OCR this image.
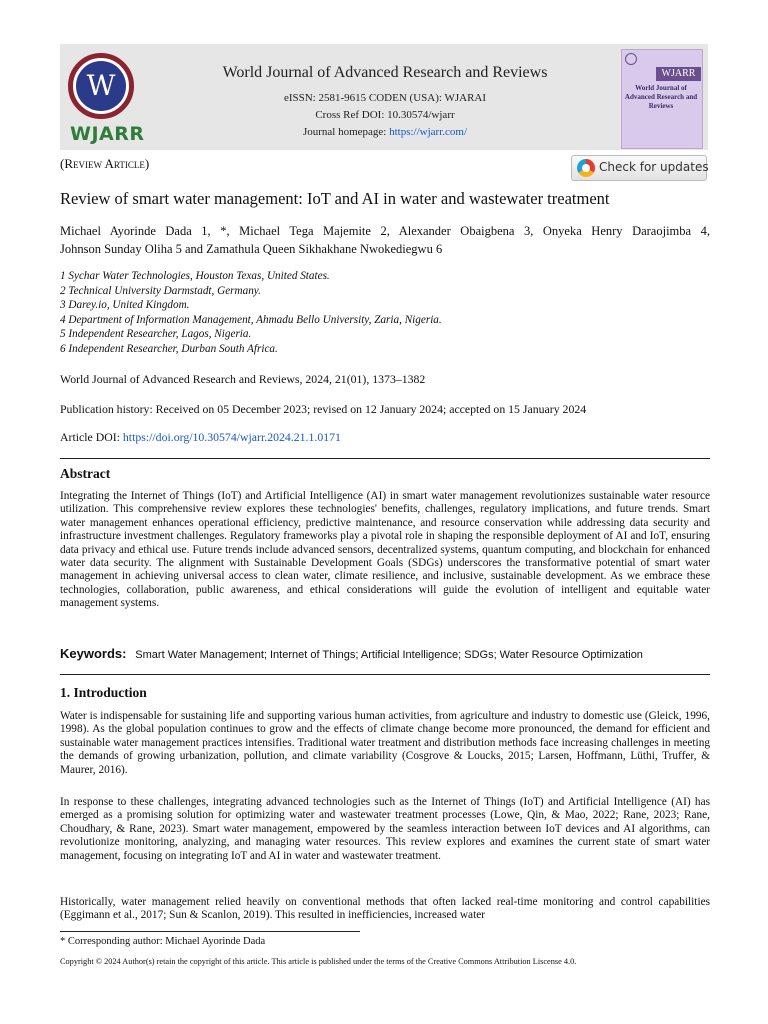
W
WJARR
World Journal of Advanced Research and Reviews
eISSN: 2581-9615 CODEN (USA): WJARAI
Cross Ref DOI: 10.30574/wjarr
Journal homepage: https://wjarr.com/
WJARR
World Journal of Advanced Research and Reviews
(Review Article)	Check for updates
Review of smart water management: IoT and AI in water and wastewater treatment
Michael Ayorinde Dada 1, *, Michael Tega Majemite 2, Alexander Obaigbena 3, Onyeka Henry Daraojimba 4,
Johnson Sunday Oliha 5 and Zamathula Queen Sikhakhane Nwokediegwu 6
1 Sychar Water Technologies, Houston Texas, United States.
2 Technical University Darmstadt, Germany.
3 Darey.io, United Kingdom.
4 Department of Information Management, Ahmadu Bello University, Zaria, Nigeria.
5 Independent Researcher, Lagos, Nigeria.
6 Independent Researcher, Durban South Africa.
World Journal of Advanced Research and Reviews, 2024, 21(01), 1373–1382
Publication history: Received on 05 December 2023; revised on 12 January 2024; accepted on 15 January 2024
Article DOI: https://doi.org/10.30574/wjarr.2024.21.1.0171
Abstract
Integrating the Internet of Things (IoT) and Artificial Intelligence (AI) in smart water management revolutionizes sustainable water resource utilization. This comprehensive review explores these technologies' benefits, challenges, regulatory implications, and future trends. Smart water management enhances operational efficiency, predictive maintenance, and resource conservation while addressing data security and infrastructure investment challenges. Regulatory frameworks play a pivotal role in shaping the responsible deployment of AI and IoT, ensuring data privacy and ethical use. Future trends include advanced sensors, decentralized systems, quantum computing, and blockchain for enhanced water data security. The alignment with Sustainable Development Goals (SDGs) underscores the transformative potential of smart water management in achieving universal access to clean water, climate resilience, and inclusive, sustainable development. As we embrace these technologies, collaboration, public awareness, and ethical considerations will guide the evolution of intelligent and equitable water management systems.
Keywords: Smart Water Management; Internet of Things; Artificial Intelligence; SDGs; Water Resource Optimization
1. Introduction
Water is indispensable for sustaining life and supporting various human activities, from agriculture and industry to domestic use (Gleick, 1996, 1998). As the global population continues to grow and the effects of climate change become more pronounced, the demand for efficient and sustainable water management practices intensifies. Traditional water treatment and distribution methods face increasing challenges in meeting the demands of growing urbanization, pollution, and climate variability (Cosgrove & Loucks, 2015; Larsen, Hoffmann, Lüthi, Truffer, & Maurer, 2016).
In response to these challenges, integrating advanced technologies such as the Internet of Things (IoT) and Artificial Intelligence (AI) has emerged as a promising solution for optimizing water and wastewater treatment processes (Lowe, Qin, & Mao, 2022; Rane, 2023; Rane, Choudhary, & Rane, 2023). Smart water management, empowered by the seamless interaction between IoT devices and AI algorithms, can revolutionize monitoring, analyzing, and managing water resources. This review explores and examines the current state of smart water management, focusing on integrating IoT and AI in water and wastewater treatment.
Historically, water management relied heavily on conventional methods that often lacked real-time monitoring and control capabilities (Eggimann et al., 2017; Sun & Scanlon, 2019). This resulted in inefficiencies, increased water
* Corresponding author: Michael Ayorinde Dada
Copyright © 2024 Author(s) retain the copyright of this article. This article is published under the terms of the Creative Commons Attribution Liscense 4.0.
